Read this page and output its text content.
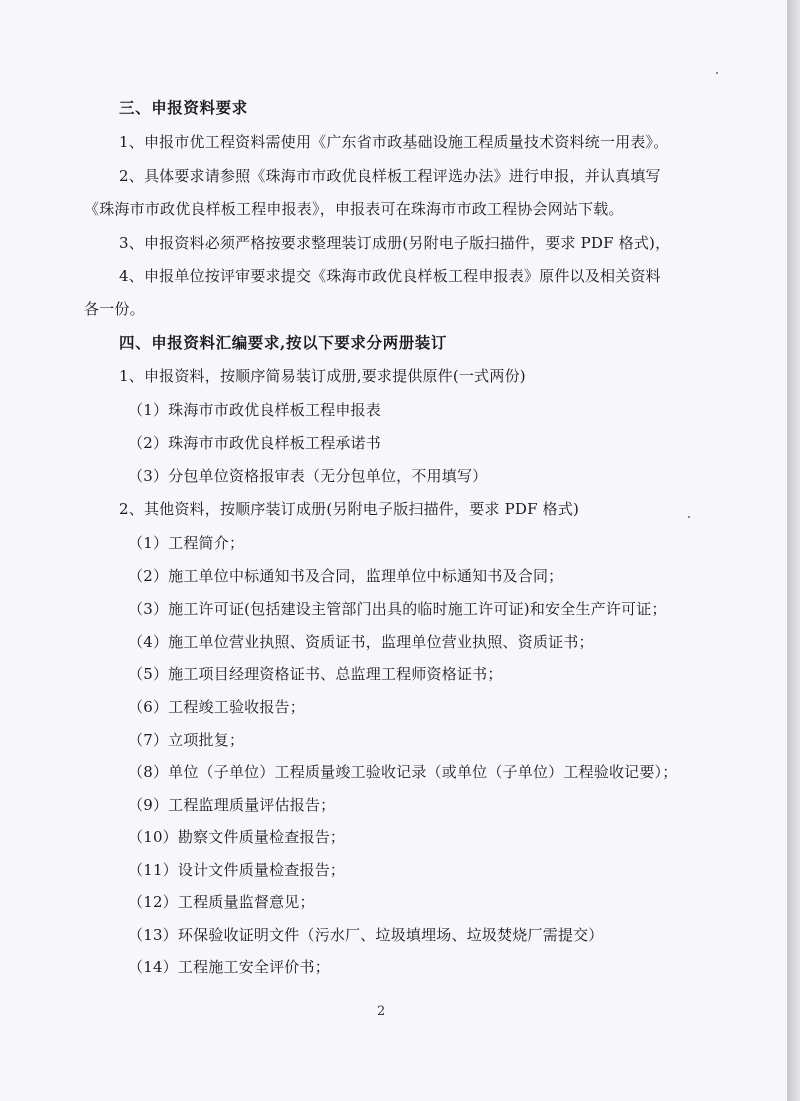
三、申报资料要求

1、申报市优工程资料需使用《广东省市政基础设施工程质量技术资料统一用表》。

2、具体要求请参照《珠海市市政优良样板工程评选办法》进行申报，并认真填写

《珠海市市政优良样板工程申报表》，申报表可在珠海市市政工程协会网站下载。

3、申报资料必须严格按要求整理装订成册(另附电子版扫描件，要求 PDF 格式)，

4、申报单位按评审要求提交《珠海市政优良样板工程申报表》原件以及相关资料

各一份。

四、申报资料汇编要求,按以下要求分两册装订

1、申报资料，按顺序简易装订成册,要求提供原件(一式两份)

（1）珠海市市政优良样板工程申报表

（2）珠海市市政优良样板工程承诺书

（3）分包单位资格报审表（无分包单位，不用填写）

2、其他资料，按顺序装订成册(另附电子版扫描件，要求 PDF 格式)

（1）工程简介；

（2）施工单位中标通知书及合同，监理单位中标通知书及合同；

（3）施工许可证(包括建设主管部门出具的临时施工许可证)和安全生产许可证；

（4）施工单位营业执照、资质证书，监理单位营业执照、资质证书；

（5）施工项目经理资格证书、总监理工程师资格证书；

（6）工程竣工验收报告；

（7）立项批复；

（8）单位（子单位）工程质量竣工验收记录（或单位（子单位）工程验收记要）；

（9）工程监理质量评估报告；

（10）勘察文件质量检查报告；

（11）设计文件质量检查报告；

（12）工程质量监督意见；

（13）环保验收证明文件（污水厂、垃圾填埋场、垃圾焚烧厂需提交）

（14）工程施工安全评价书；

2
